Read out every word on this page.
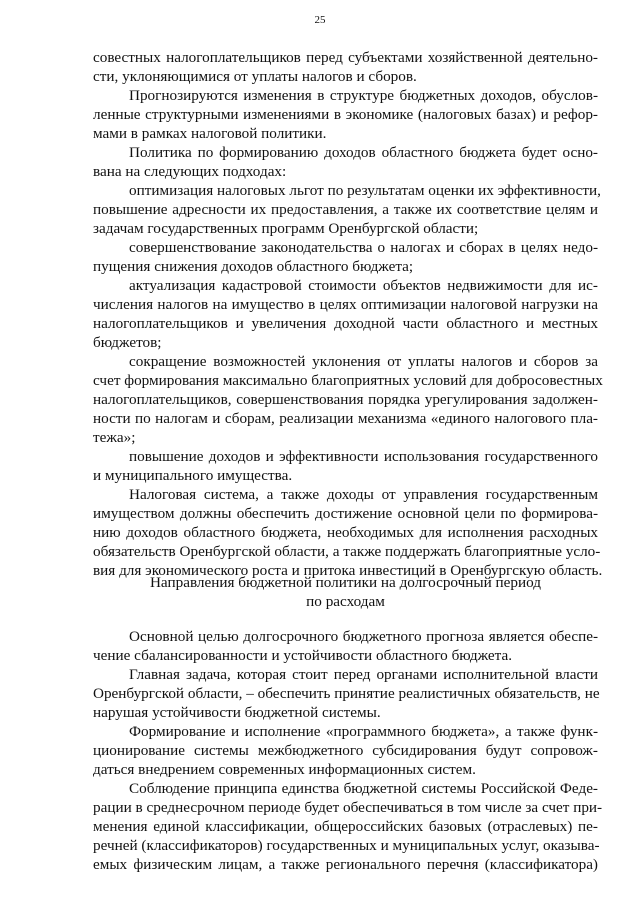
25
совестных налогоплательщиков перед субъектами хозяйственной деятельно-
сти, уклоняющимися от уплаты налогов и сборов.
Прогнозируются изменения в структуре бюджетных доходов, обуслов-
ленные структурными изменениями в экономике (налоговых базах) и рефор-
мами в рамках налоговой политики.
Политика по формированию доходов областного бюджета будет осно-
вана на следующих подходах:
оптимизация налоговых льгот по результатам оценки их эффективности,
повышение адресности их предоставления, а также их соответствие целям и
задачам государственных программ Оренбургской области;
совершенствование законодательства о налогах и сборах в целях недо-
пущения снижения доходов областного бюджета;
актуализация кадастровой стоимости объектов недвижимости для ис-
числения налогов на имущество в целях оптимизации налоговой нагрузки на
налогоплательщиков и увеличения доходной части областного и местных
бюджетов;
сокращение возможностей уклонения от уплаты налогов и сборов за
счет формирования максимально благоприятных условий для добросовестных
налогоплательщиков, совершенствования порядка урегулирования задолжен-
ности по налогам и сборам, реализации механизма «единого налогового пла-
тежа»;
повышение доходов и эффективности использования государственного
и муниципального имущества.
Налоговая система, а также доходы от управления государственным
имуществом должны обеспечить достижение основной цели по формирова-
нию доходов областного бюджета, необходимых для исполнения расходных
обязательств Оренбургской области, а также поддержать благоприятные усло-
вия для экономического роста и притока инвестиций в Оренбургскую область.
Направления бюджетной политики на долгосрочный период
по расходам
Основной целью долгосрочного бюджетного прогноза является обеспе-
чение сбалансированности и устойчивости областного бюджета.
Главная задача, которая стоит перед органами исполнительной власти
Оренбургской области, – обеспечить принятие реалистичных обязательств, не
нарушая устойчивости бюджетной системы.
Формирование и исполнение «программного бюджета», а также функ-
ционирование системы межбюджетного субсидирования будут сопровож-
даться внедрением современных информационных систем.
Соблюдение принципа единства бюджетной системы Российской Феде-
рации в среднесрочном периоде будет обеспечиваться в том числе за счет при-
менения единой классификации, общероссийских базовых (отраслевых) пе-
речней (классификаторов) государственных и муниципальных услуг, оказыва-
емых физическим лицам, а также регионального перечня (классификатора)
